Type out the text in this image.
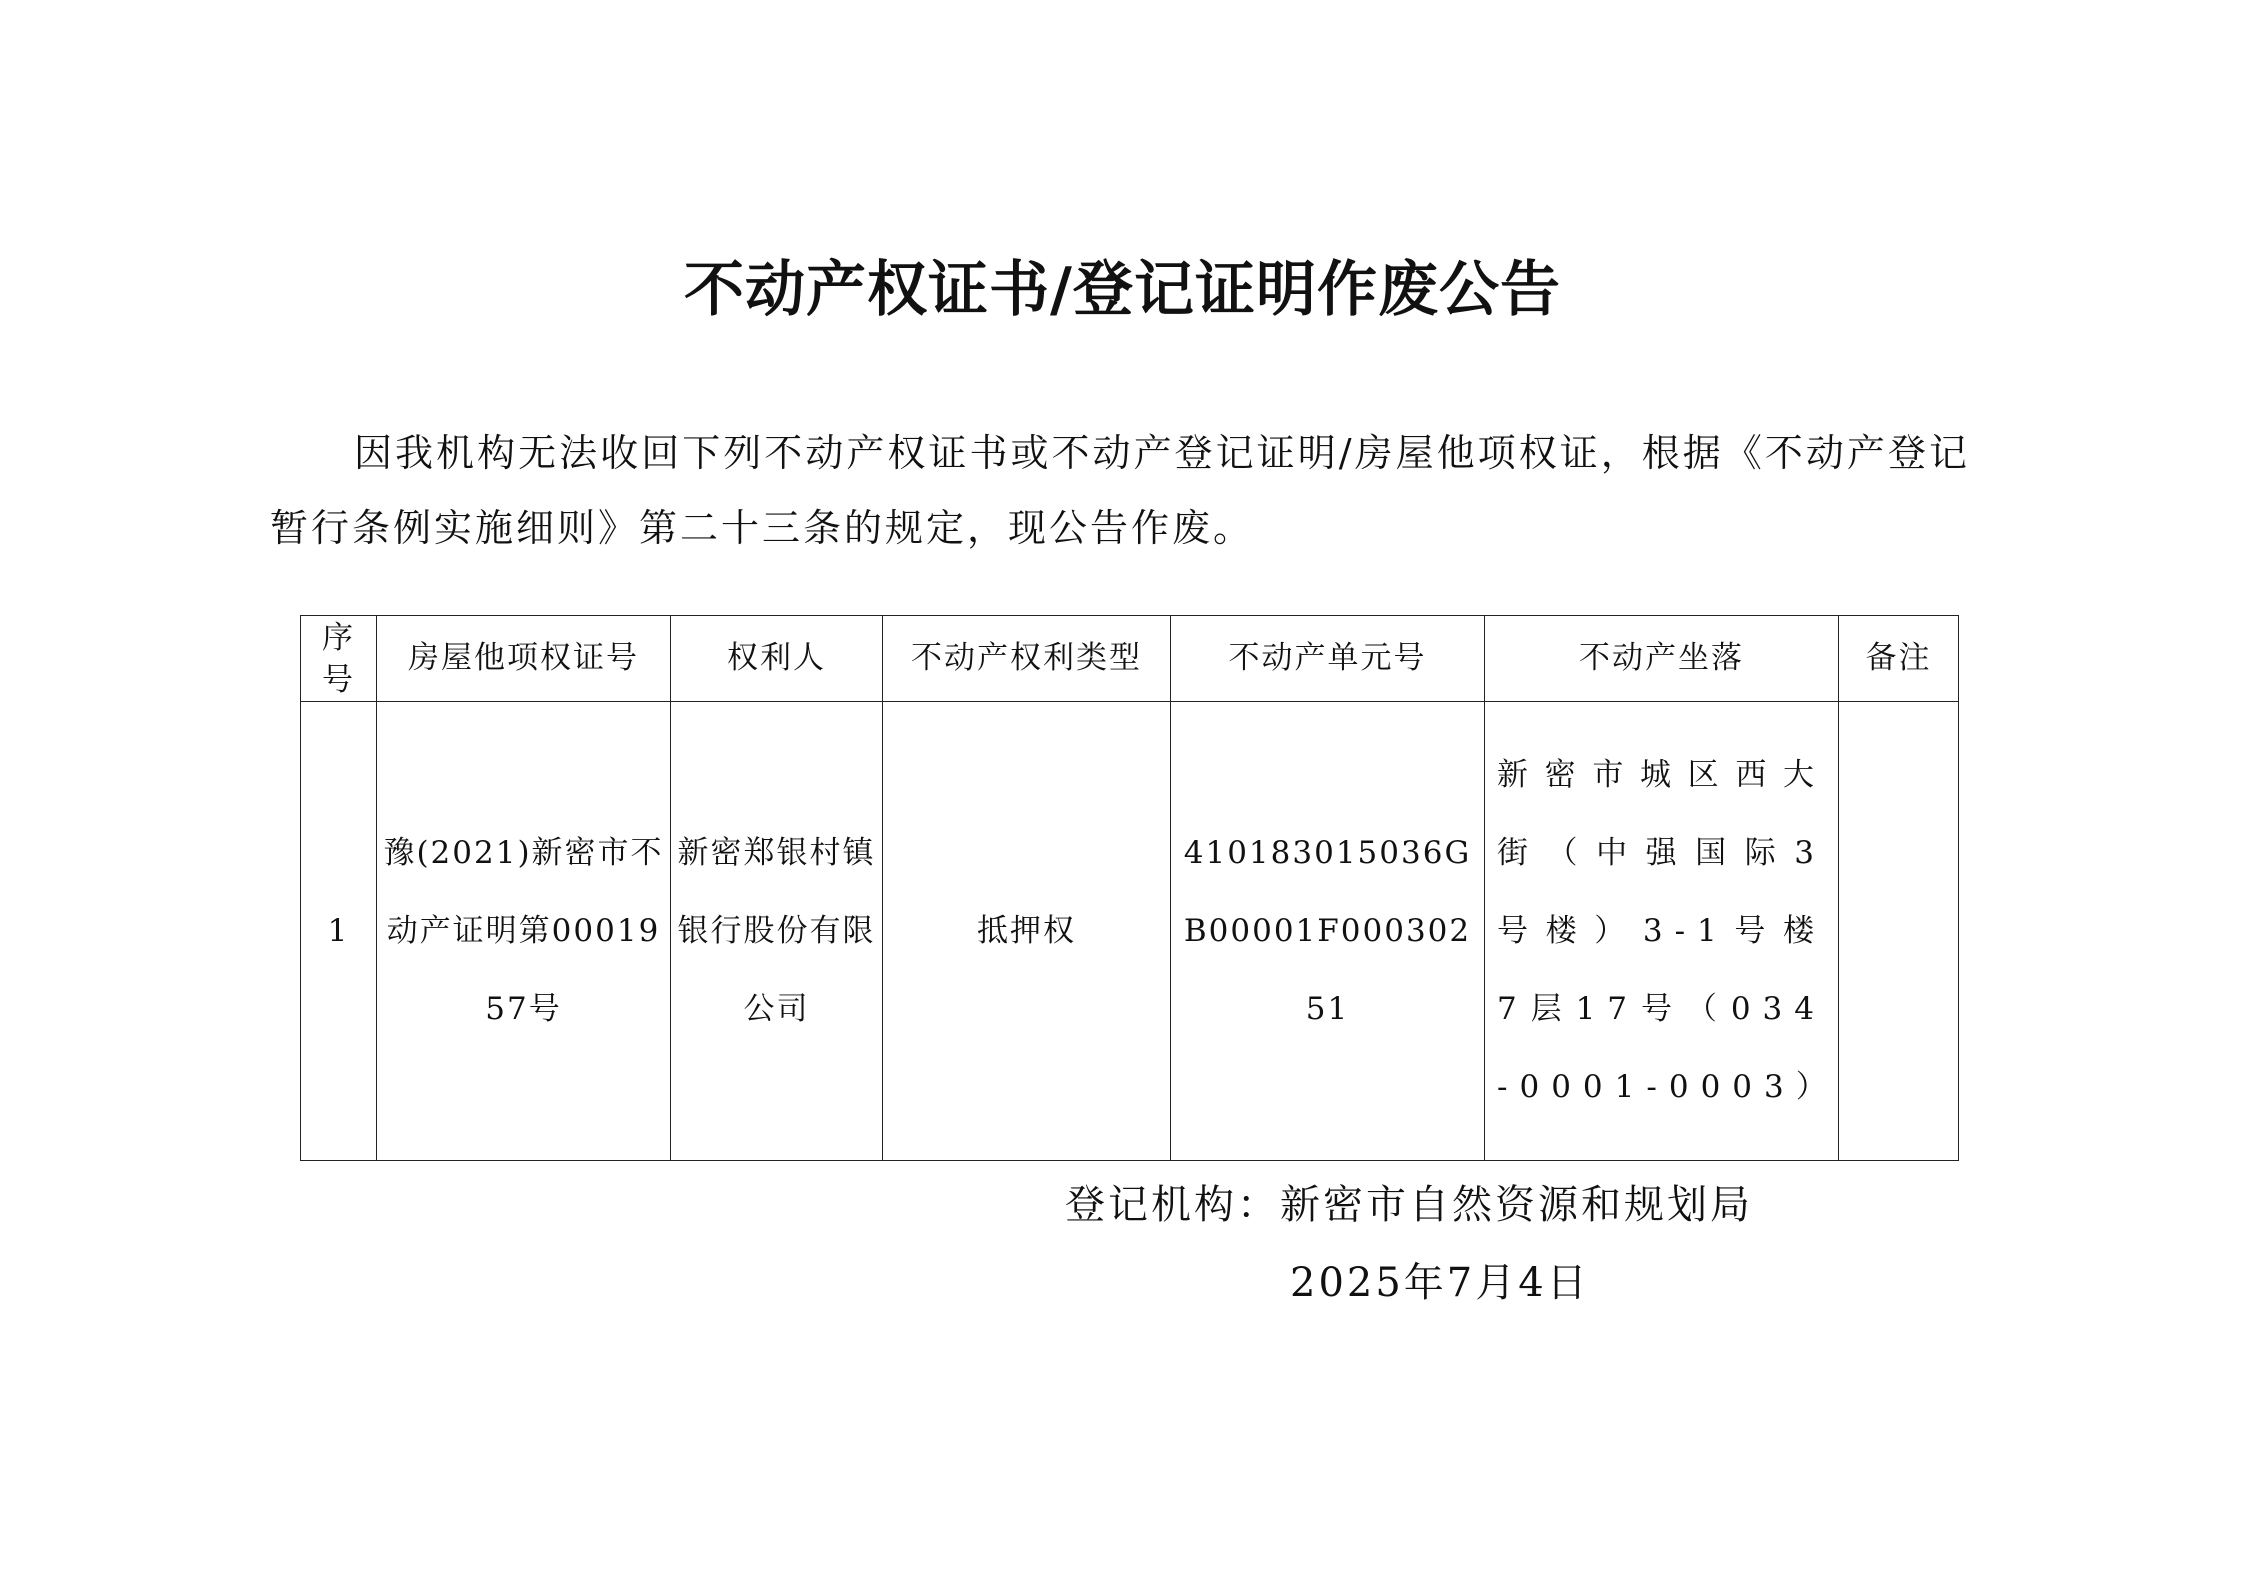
不动产权证书/登记证明作废公告

因我机构无法收回下列不动产权证书或不动产登记证明/房屋他项权证，根据《不动产登记暂行条例实施细则》第二十三条的规定，现公告作废。

序号	房屋他项权证号	权利人	不动产权利类型	不动产单元号	不动产坐落	备注
1	豫(2021)新密市不动产证明第0001957号	新密郑银村镇银行股份有限公司	抵押权	410183015036GB00001F00030251	新密市城区西大街（中强国际3号楼）3-1号楼7层17号（034-0001-0003）	
登记机构：新密市自然资源和规划局
2025年7月4日
